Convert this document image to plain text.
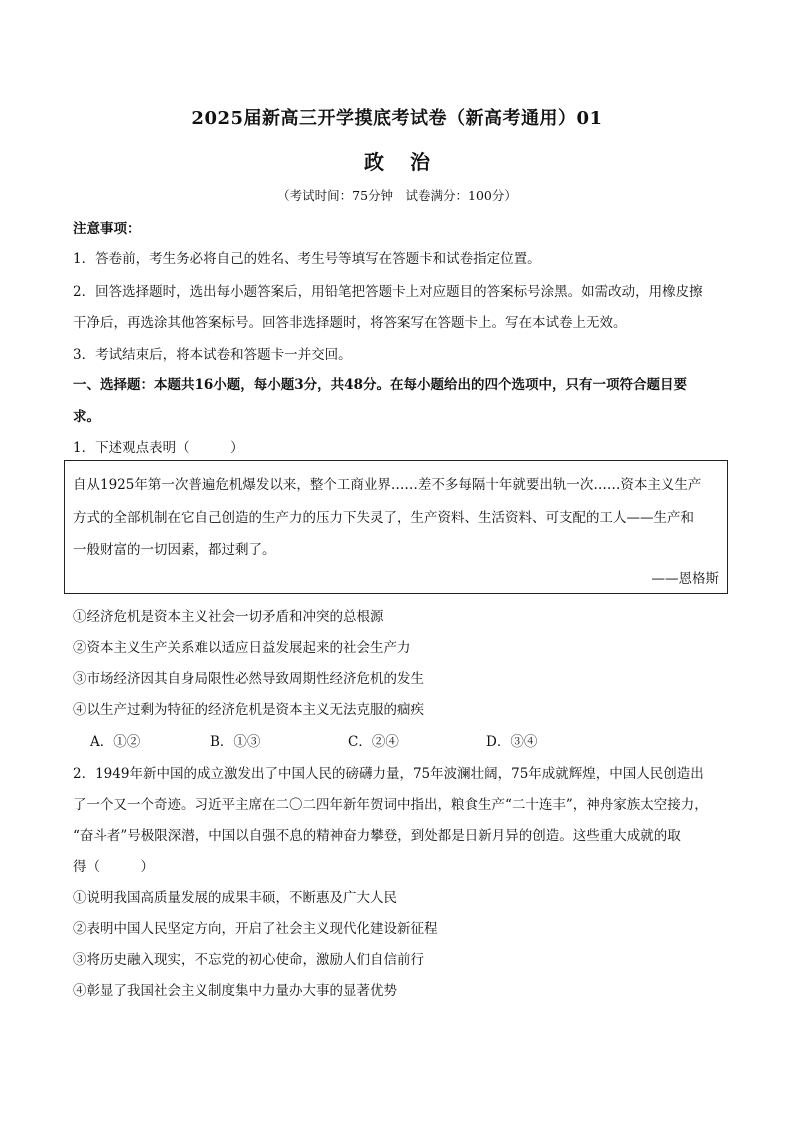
2025届新高三开学摸底考试卷（新高考通用）01
政 治
（考试时间：75分钟　试卷满分：100分）
注意事项：
1．答卷前，考生务必将自己的姓名、考生号等填写在答题卡和试卷指定位置。
2．回答选择题时，选出每小题答案后，用铅笔把答题卡上对应题目的答案标号涂黑。如需改动，用橡皮擦
干净后，再选涂其他答案标号。回答非选择题时，将答案写在答题卡上。写在本试卷上无效。
3．考试结束后，将本试卷和答题卡一并交回。
一、选择题：本题共16小题，每小题3分，共48分。在每小题给出的四个选项中，只有一项符合题目要
求。
1．下述观点表明（　　　）
自从1925年第一次普遍危机爆发以来，整个工商业界……差不多每隔十年就要出轨一次……资本主义生产
方式的全部机制在它自己创造的生产力的压力下失灵了，生产资料、生活资料、可支配的工人——生产和
一般财富的一切因素，都过剩了。
——恩格斯
①经济危机是资本主义社会一切矛盾和冲突的总根源
②资本主义生产关系难以适应日益发展起来的社会生产力
③市场经济因其自身局限性必然导致周期性经济危机的发生
④以生产过剩为特征的经济危机是资本主义无法克服的痼疾
A．①②	B．①③	C．②④	D．③④
2．1949年新中国的成立激发出了中国人民的磅礴力量，75年波澜壮阔，75年成就辉煌，中国人民创造出
了一个又一个奇迹。习近平主席在二〇二四年新年贺词中指出，粮食生产“二十连丰”，神舟家族太空接力，
“奋斗者”号极限深潜，中国以自强不息的精神奋力攀登，到处都是日新月异的创造。这些重大成就的取
得（　　　）
①说明我国高质量发展的成果丰硕，不断惠及广大人民
②表明中国人民坚定方向，开启了社会主义现代化建设新征程
③将历史融入现实，不忘党的初心使命，激励人们自信前行
④彰显了我国社会主义制度集中力量办大事的显著优势
